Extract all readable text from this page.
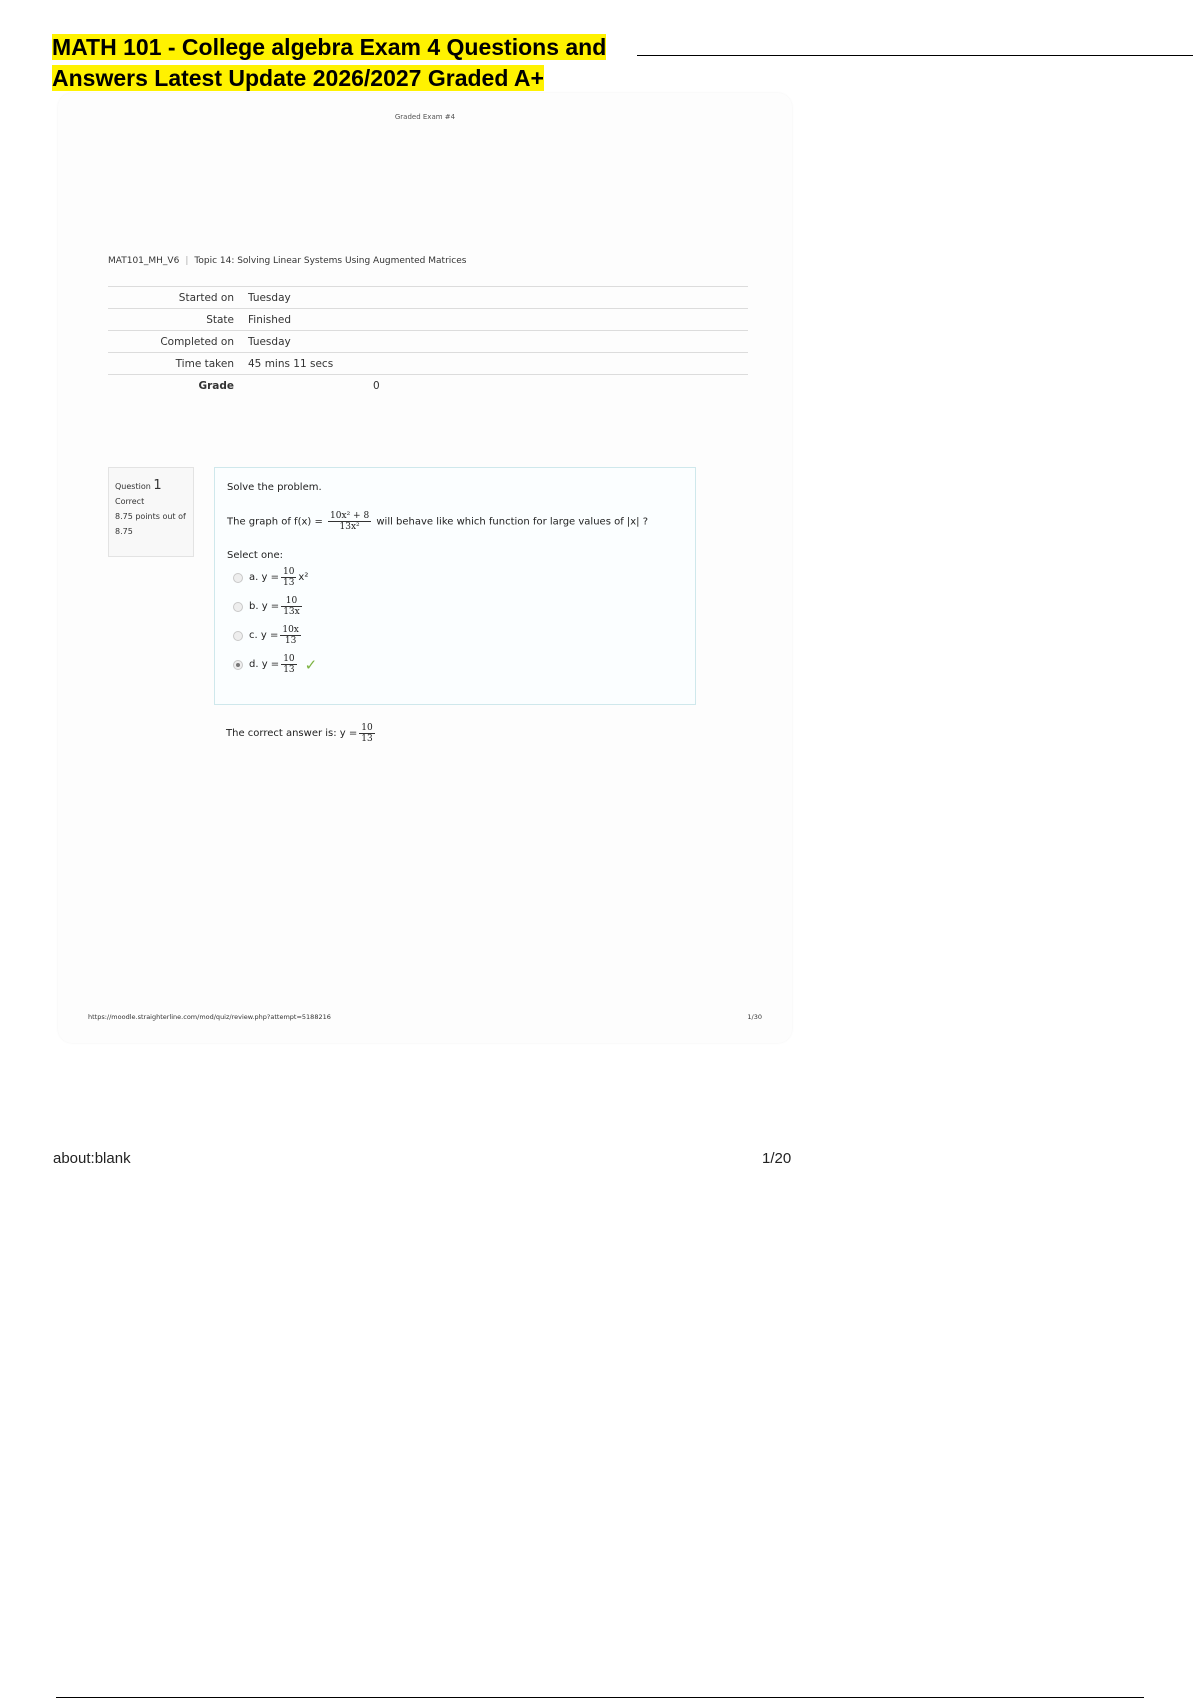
MATH 101 - College algebra Exam 4 Questions and
Answers Latest Update 2026/2027 Graded A+
Graded Exam #4
MAT101_MH_V6 | Topic 14: Solving Linear Systems Using Augmented Matrices
Started on	Tuesday
State	Finished
Completed on	Tuesday
Time taken	45 mins 11 secs
Grade	0
Question 1
Correct
8.75 points out of 8.75
Solve the problem.
The graph of $f(x) = \frac{\text{10x² + 8}}{\text{13x²}}$ will behave like which function for large values of |x| ?
Select one:
a. $y = \frac{10}{13} x^2$
b. $y = \frac{10}{13x}$
c. $y = \frac{10x}{13}$
d. $y = \frac{10}{13}$ ✓
The correct answer is: $y = \frac{10}{13}$
https://moodle.straighterline.com/mod/quiz/review.php?attempt=5188216	1/30
about:blank	1/20
